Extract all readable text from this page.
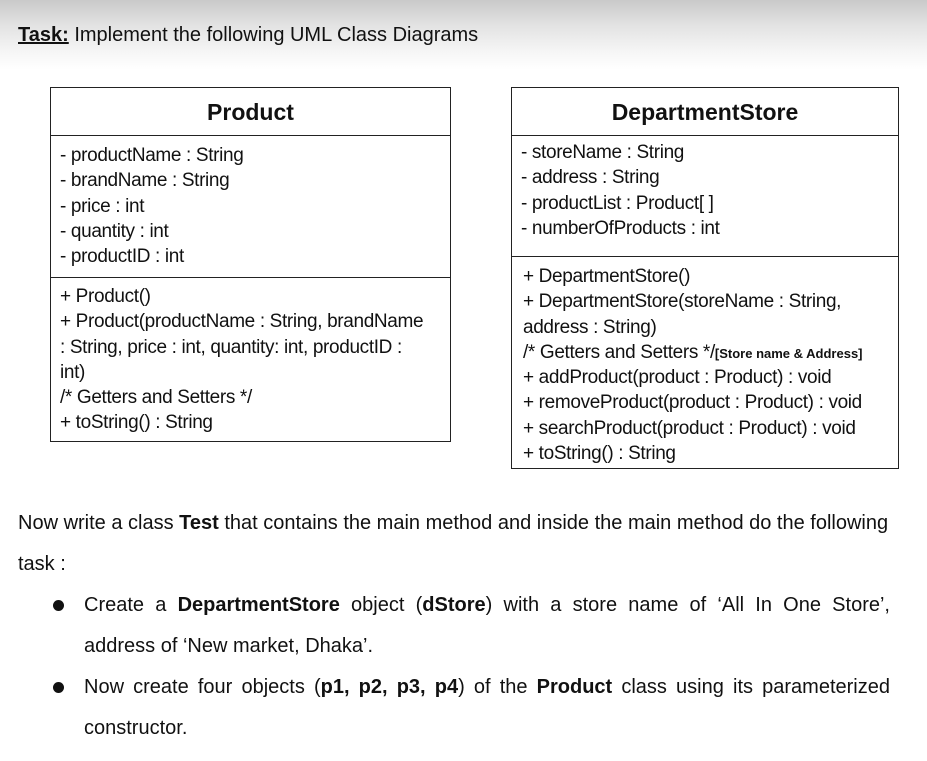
Task: Implement the following UML Class Diagrams
Product
- productName : String
- brandName : String
- price : int
- quantity : int
- productID : int
+ Product()
+ Product(productName : String, brandName
: String, price : int, quantity: int, productID :
int)
/* Getters and Setters */
+ toString() : String
DepartmentStore
- storeName : String
- address : String
- productList : Product[ ]
- numberOfProducts : int
+ DepartmentStore()
+ DepartmentStore(storeName : String,
address : String)
/* Getters and Setters */[Store name & Address]
+ addProduct(product : Product) : void
+ removeProduct(product : Product) : void
+ searchProduct(product : Product) : void
+ toString() : String
Now write a class Test that contains the main method and inside the main method do the following task :
Create a DepartmentStore object (dStore) with a store name of ‘All In One Store’, address of ‘New market, Dhaka’.
Now create four objects (p1, p2, p3, p4) of the Product class using its parameterized constructor.
